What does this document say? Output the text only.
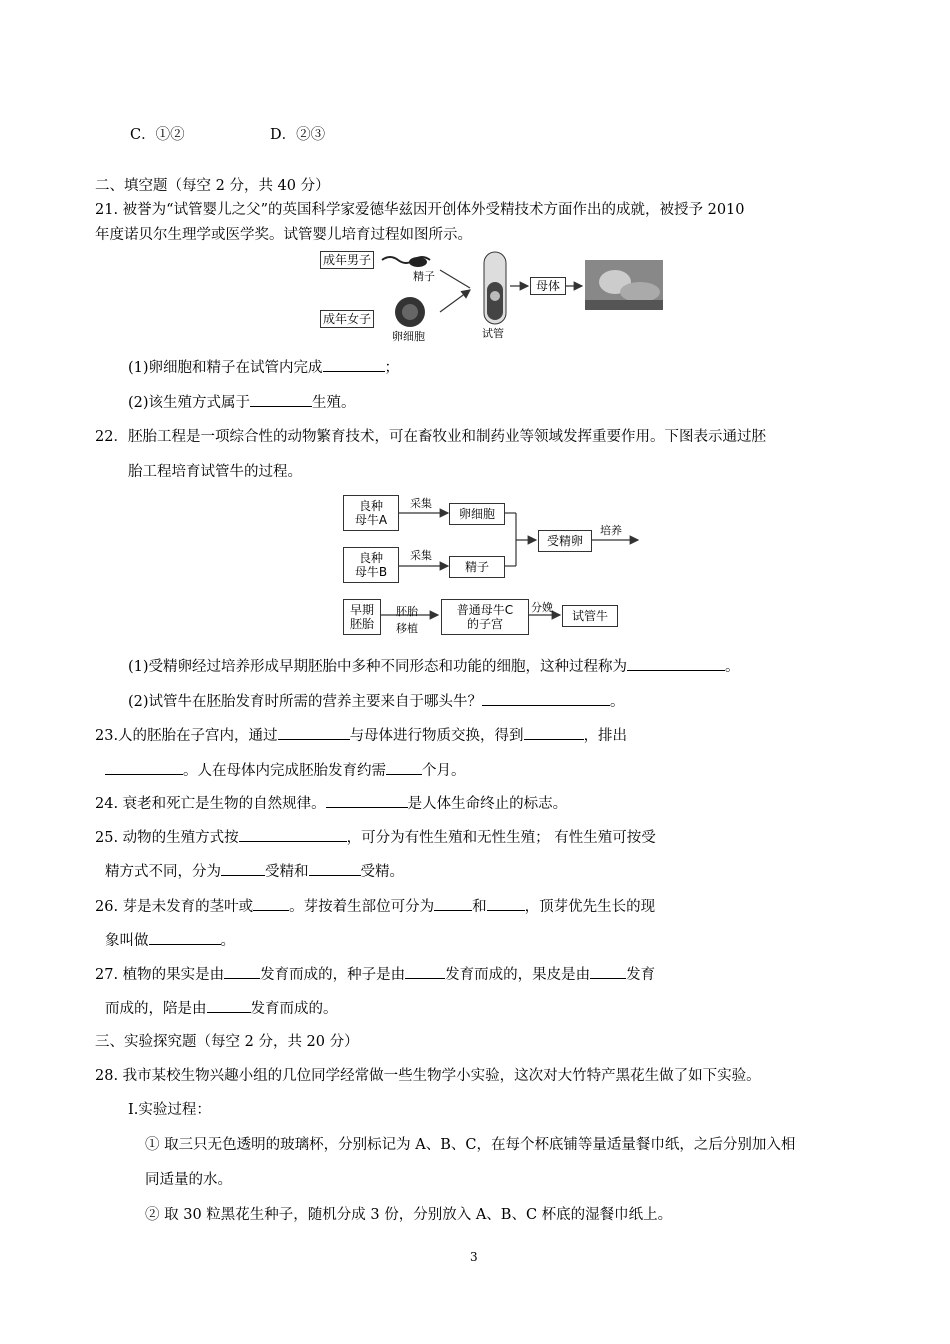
C．①②	D．②③
二、填空题（每空 2 分，共 40 分）
21. 被誉为“试管婴儿之父”的英国科学家爱德华兹因开创体外受精技术方面作出的成就，被授予 2010
年度诺贝尔生理学或医学奖。试管婴儿培育过程如图所示。
成年男子
成年女子
精子
卵细胞	试管
母体
(1)卵细胞和精子在试管内完成	；
(2)该生殖方式属于	生殖。
22．胚胎工程是一项综合性的动物繁育技术，可在畜牧业和制药业等领域发挥重要作用。下图表示通过胚
胎工程培育试管牛的过程。
良种
母牛A
采集
卵细胞
良种
母牛B
采集
精子
受精卵
培养
早期
胚胎
胚胎
移植
普通母牛C
的子宫
分娩
试管牛
(1)受精卵经过培养形成早期胚胎中多种不同形态和功能的细胞，这种过程称为	。
(2)试管牛在胚胎发育时所需的营养主要来自于哪头牛？	。
23.人的胚胎在子宫内，通过	与母体进行物质交换，得到	，排出
。人在母体内完成胚胎发育约需 个月。
24. 衰老和死亡是生物的自然规律。	是人体生命终止的标志。
25. 动物的生殖方式按	，可分为有性生殖和无性生殖； 有性生殖可按受
精方式不同，分为	受精和	受精。
26. 芽是未发育的茎叶或 。芽按着生部位可分为	和	，顶芽优先生长的现
象叫做	。
27. 植物的果实是由 发育而成的，种子是由	发育而成的，果皮是由 发育
而成的，陪是由	发育而成的。
三、实验探究题（每空 2 分，共 20 分）
28. 我市某校生物兴趣小组的几位同学经常做一些生物学小实验，这次对大竹特产黑花生做了如下实验。
Ⅰ.实验过程：
① 取三只无色透明的玻璃杯，分别标记为 A、B、C，在每个杯底铺等量适量餐巾纸，之后分别加入相
同适量的水。
② 取 30 粒黑花生种子，随机分成 3 份，分别放入 A、B、C 杯底的湿餐巾纸上。
3
